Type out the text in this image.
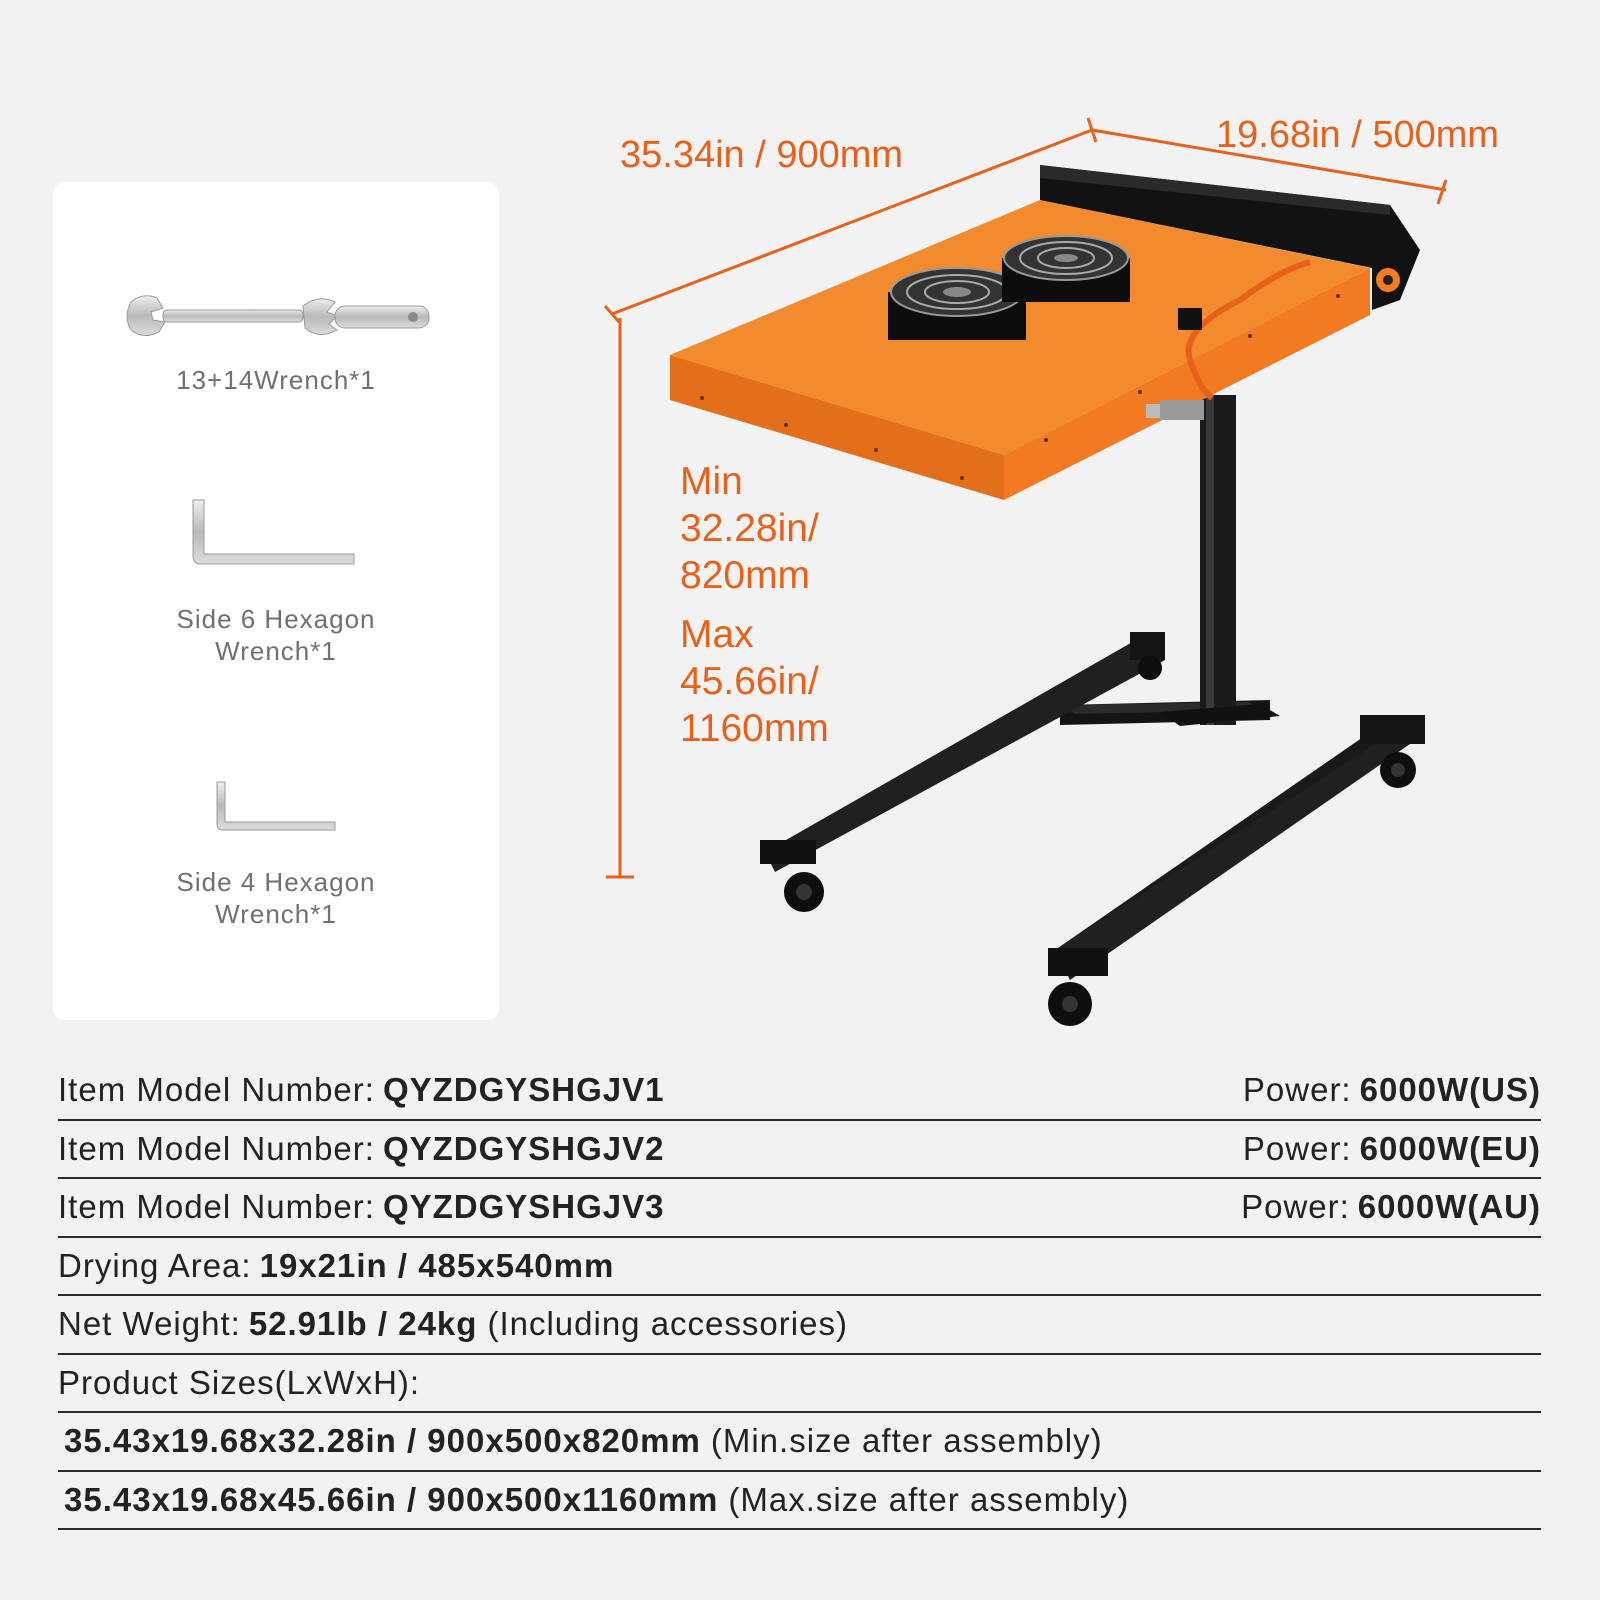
13+14Wrench*1
Side 6 Hexagon
Wrench*1
Side 4 Hexagon
Wrench*1
35.34in / 900mm	19.68in / 500mm
Min
32.28in/
820mm
Max
45.66in/
1160mm
Item Model Number: QYZDGYSHGJV1	Power: 6000W(US)
Item Model Number: QYZDGYSHGJV2	Power: 6000W(EU)
Item Model Number: QYZDGYSHGJV3	Power: 6000W(AU)
Drying Area: 19x21in / 485x540mm
Net Weight: 52.91lb / 24kg (Including accessories)
Product Sizes(LxWxH):
35.43x19.68x32.28in / 900x500x820mm (Min.size after assembly)
35.43x19.68x45.66in / 900x500x1160mm (Max.size after assembly)
